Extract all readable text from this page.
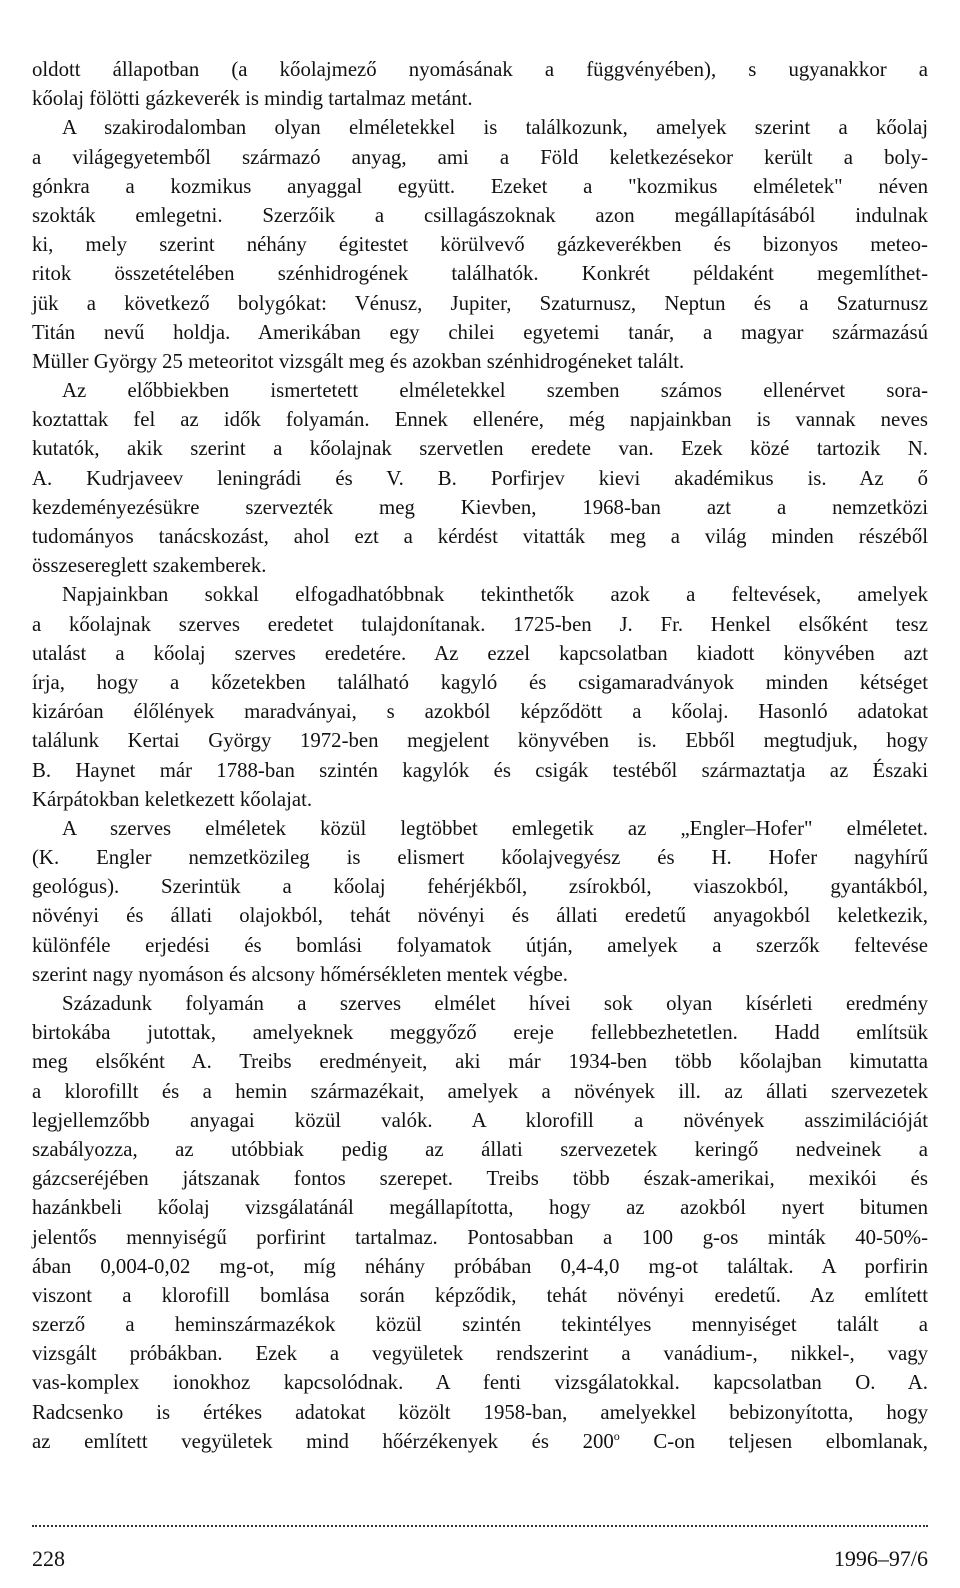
oldott állapotban (a kőolajmező nyomásának a függvényében), s ugyanakkor a
kőolaj fölötti gázkeverék is mindig tartalmaz metánt.
A szakirodalomban olyan elméletekkel is találkozunk, amelyek szerint a kőolaj
a világegyetemből származó anyag, ami a Föld keletkezésekor került a boly-
gónkra a kozmikus anyaggal együtt. Ezeket a "kozmikus elméletek" néven
szokták emlegetni. Szerzőik a csillagászoknak azon megállapításából indulnak
ki, mely szerint néhány égitestet körülvevő gázkeverékben és bizonyos meteo-
ritok összetételében szénhidrogének találhatók. Konkrét példaként megemlíthet-
jük a következő bolygókat: Vénusz, Jupiter, Szaturnusz, Neptun és a Szaturnusz
Titán nevű holdja. Amerikában egy chilei egyetemi tanár, a magyar származású
Müller György 25 meteoritot vizsgált meg és azokban szénhidrogéneket talált.
Az előbbiekben ismertetett elméletekkel szemben számos ellenérvet sora-
koztattak fel az idők folyamán. Ennek ellenére, még napjainkban is vannak neves
kutatók, akik szerint a kőolajnak szervetlen eredete van. Ezek közé tartozik N.
A. Kudrjaveev leningrádi és V. B. Porfirjev kievi akadémikus is. Az ő
kezdeményezésükre szervezték meg Kievben, 1968-ban azt a nemzetközi
tudományos tanácskozást, ahol ezt a kérdést vitatták meg a világ minden részéből
összesereglett szakemberek.
Napjainkban sokkal elfogadhatóbbnak tekinthetők azok a feltevések, amelyek
a kőolajnak szerves eredetet tulajdonítanak. 1725-ben J. Fr. Henkel elsőként tesz
utalást a kőolaj szerves eredetére. Az ezzel kapcsolatban kiadott könyvében azt
írja, hogy a kőzetekben található kagyló és csigamaradványok minden kétséget
kizáróan élőlények maradványai, s azokból képződött a kőolaj. Hasonló adatokat
találunk Kertai György 1972-ben megjelent könyvében is. Ebből megtudjuk, hogy
B. Haynet már 1788-ban szintén kagylók és csigák testéből származtatja az Északi
Kárpátokban keletkezett kőolajat.
A szerves elméletek közül legtöbbet emlegetik az „Engler–Hofer" elméletet.
(K. Engler nemzetközileg is elismert kőolajvegyész és H. Hofer nagyhírű
geológus). Szerintük a kőolaj fehérjékből, zsírokból, viaszokból, gyantákból,
növényi és állati olajokból, tehát növényi és állati eredetű anyagokból keletkezik,
különféle erjedési és bomlási folyamatok útján, amelyek a szerzők feltevése
szerint nagy nyomáson és alcsony hőmérsékleten mentek végbe.
Századunk folyamán a szerves elmélet hívei sok olyan kísérleti eredmény
birtokába jutottak, amelyeknek meggyőző ereje fellebbezhetetlen. Hadd említsük
meg elsőként A. Treibs eredményeit, aki már 1934-ben több kőolajban kimutatta
a klorofillt és a hemin származékait, amelyek a növények ill. az állati szervezetek
legjellemzőbb anyagai közül valók. A klorofill a növények asszimilációját
szabályozza, az utóbbiak pedig az állati szervezetek keringő nedveinek a
gázcseréjében játszanak fontos szerepet. Treibs több észak-amerikai, mexikói és
hazánkbeli kőolaj vizsgálatánál megállapította, hogy az azokból nyert bitumen
jelentős mennyiségű porfirint tartalmaz. Pontosabban a 100 g-os minták 40-50%-
ában 0,004-0,02 mg-ot, míg néhány próbában 0,4-4,0 mg-ot találtak. A porfirin
viszont a klorofill bomlása során képződik, tehát növényi eredetű. Az említett
szerző a heminszármazékok közül szintén tekintélyes mennyiséget talált a
vizsgált próbákban. Ezek a vegyületek rendszerint a vanádium-, nikkel-, vagy
vas-komplex ionokhoz kapcsolódnak. A fenti vizsgálatokkal. kapcsolatban O. A.
Radcsenko is értékes adatokat közölt 1958-ban, amelyekkel bebizonyította, hogy
az említett vegyületek mind hőérzékenyek és 200$^o$ C-on teljesen elbomlanak,
228	1996–97/6
